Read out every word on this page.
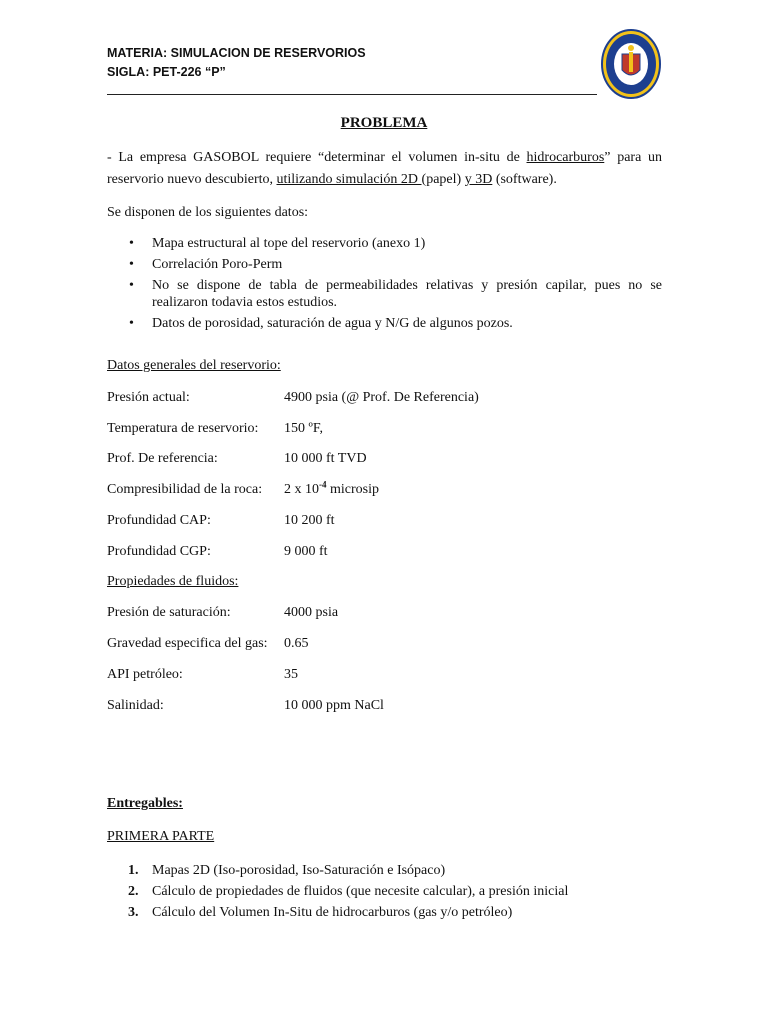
MATERIA: SIMULACION DE RESERVORIOS
SIGLA: PET-226 “P”
PROBLEMA
- La empresa GASOBOL requiere “determinar el volumen in-situ de hidrocarburos” para un reservorio nuevo descubierto, utilizando simulación 2D (papel) y 3D (software).
Se disponen de los siguientes datos:
• Mapa estructural al tope del reservorio (anexo 1)
• Correlación Poro-Perm
• No se dispone de tabla de permeabilidades relativas y presión capilar, pues no se realizaron todavia estos estudios.
• Datos de porosidad, saturación de agua y N/G de algunos pozos.
Datos generales del reservorio:
Presión actual:	4900 psia (@ Prof. De Referencia)
Temperatura de reservorio: 150 ºF,
Prof. De referencia:	10 000 ft TVD
Compresibilidad de la roca: 2 x $10^{-4}$ microsip
Profundidad CAP:	10 200 ft
Profundidad CGP:	9 000 ft
Propiedades de fluidos:
Presión de saturación:	4000 psia
Gravedad especifica del gas: 0.65
API petróleo:	35
Salinidad:	10 000 ppm NaCl
Entregables:
PRIMERA PARTE
1. Mapas 2D (Iso-porosidad, Iso-Saturación e Isópaco)
2. Cálculo de propiedades de fluidos (que necesite calcular), a presión inicial
3. Cálculo del Volumen In-Situ de hidrocarburos (gas y/o petróleo)
